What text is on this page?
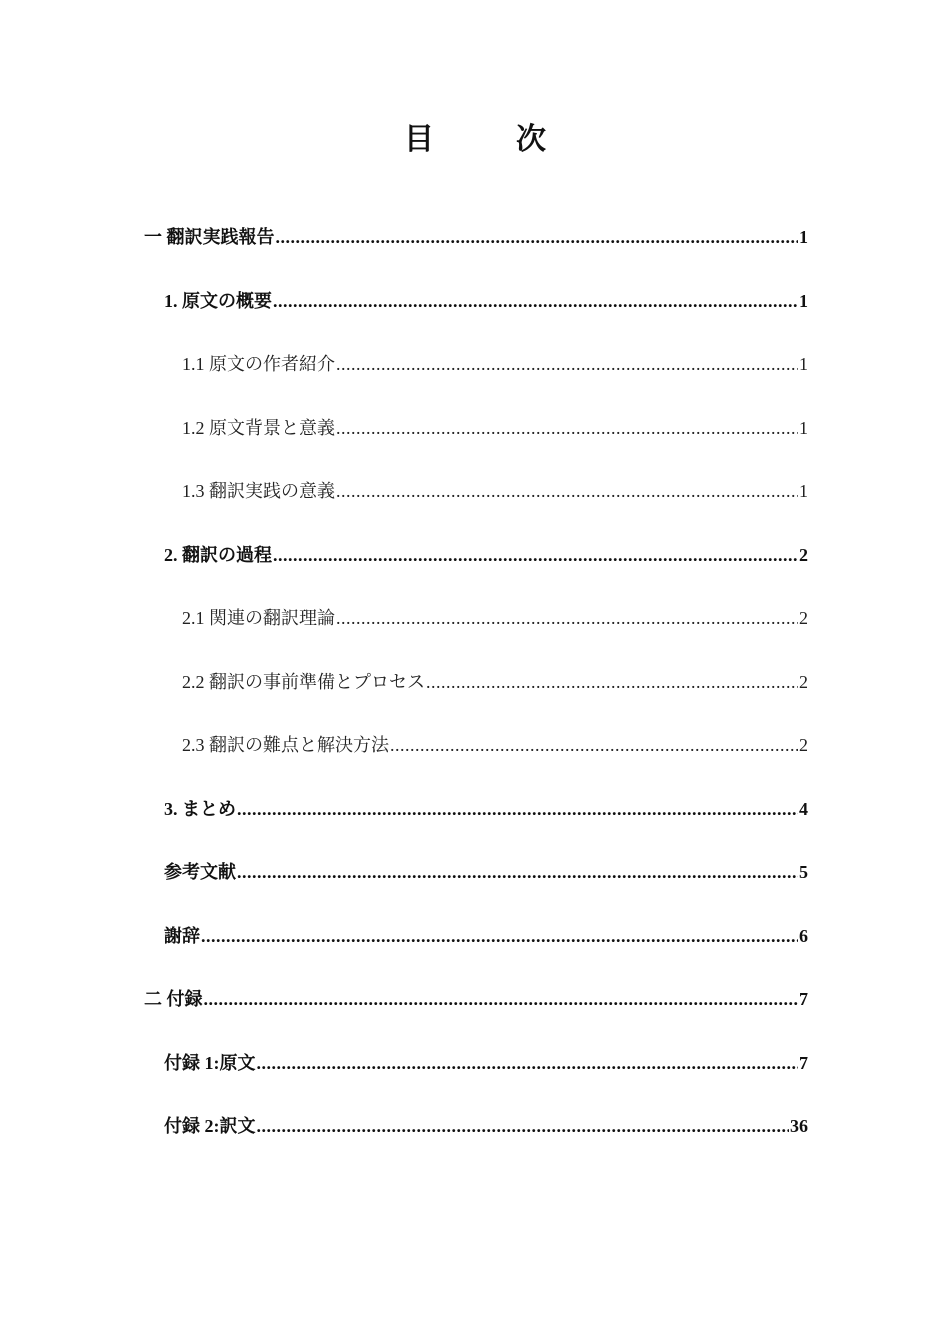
目　次
一 翻訳実践報告 .....	1
1. 原文の概要 .....	1
1.1 原文の作者紹介 .....	1
1.2 原文背景と意義 .....	1
1.3 翻訳実践の意義 .....	1
2. 翻訳の過程 .....	2
2.1 関連の翻訳理論 .....	2
2.2 翻訳の事前準備とプロセス .....	2
2.3 翻訳の難点と解決方法 .....	2
3. まとめ .....	4
参考文献 .....	5
謝辞 .....	6
二 付録 .....	7
付録 1:原文 .....	7
付録 2:訳文 .....	36
